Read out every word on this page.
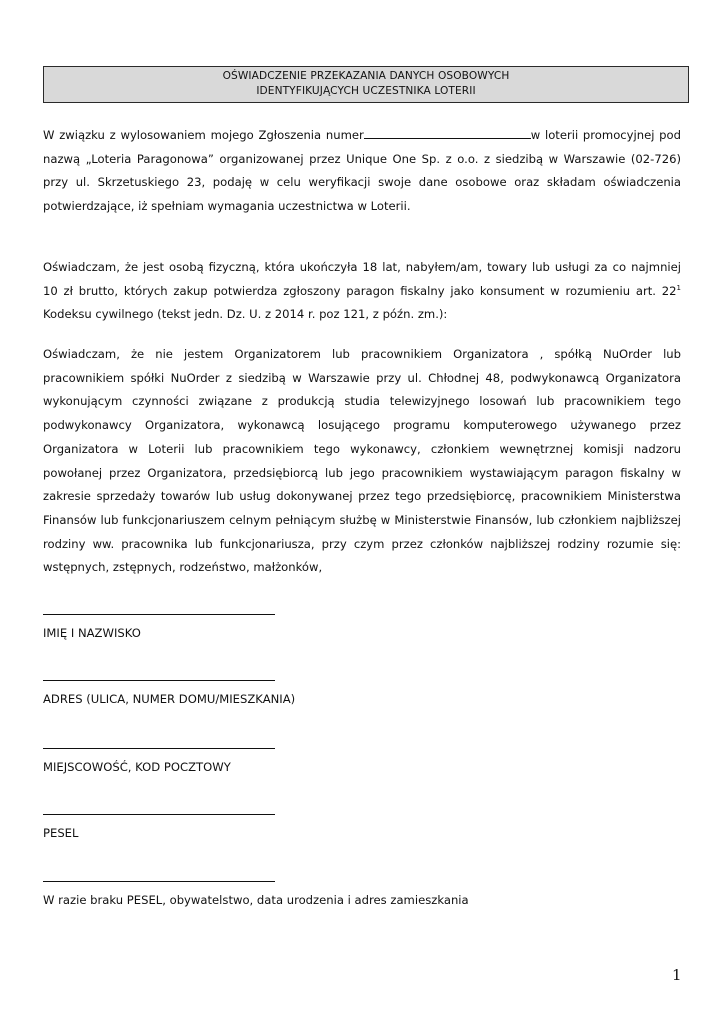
OŚWIADCZENIE PRZEKAZANIA DANYCH OSOBOWYCH
IDENTYFIKUJĄCYCH UCZESTNIKA LOTERII
W związku z wylosowaniem mojego Zgłoszenia numer	w loterii promocyjnej pod
nazwą „Loteria Paragonowa” organizowanej przez Unique One Sp. z o.o. z siedzibą w Warszawie (02-726)
przy ul. Skrzetuskiego 23, podaję w celu weryfikacji swoje dane osobowe oraz składam oświadczenia
potwierdzające, iż spełniam wymagania uczestnictwa w Loterii.
Oświadczam, że jest osobą fizyczną, która ukończyła 18 lat, nabyłem/am, towary lub usługi za co najmniej
10 zł brutto, których zakup potwierdza zgłoszony paragon fiskalny jako konsument w rozumieniu art. $22^1$
Kodeksu cywilnego (tekst jedn. Dz. U. z 2014 r. poz 121, z późn. zm.):
Oświadczam, że nie jestem Organizatorem lub pracownikiem Organizatora , spółką NuOrder lub
pracownikiem spółki NuOrder z siedzibą w Warszawie przy ul. Chłodnej 48, podwykonawcą Organizatora
wykonującym czynności związane z produkcją studia telewizyjnego losowań lub pracownikiem tego
podwykonawcy Organizatora, wykonawcą losującego programu komputerowego używanego przez
Organizatora w Loterii lub pracownikiem tego wykonawcy, członkiem wewnętrznej komisji nadzoru
powołanej przez Organizatora, przedsiębiorcą lub jego pracownikiem wystawiającym paragon fiskalny w
zakresie sprzedaży towarów lub usług dokonywanej przez tego przedsiębiorcę, pracownikiem Ministerstwa
Finansów lub funkcjonariuszem celnym pełniącym służbę w Ministerstwie Finansów, lub członkiem najbliższej
rodziny ww. pracownika lub funkcjonariusza, przy czym przez członków najbliższej rodziny rozumie się:
wstępnych, zstępnych, rodzeństwo, małżonków,
IMIĘ I NAZWISKO
ADRES (ULICA, NUMER DOMU/MIESZKANIA)
MIEJSCOWOŚĆ, KOD POCZTOWY
PESEL
W razie braku PESEL, obywatelstwo, data urodzenia i adres zamieszkania
1
